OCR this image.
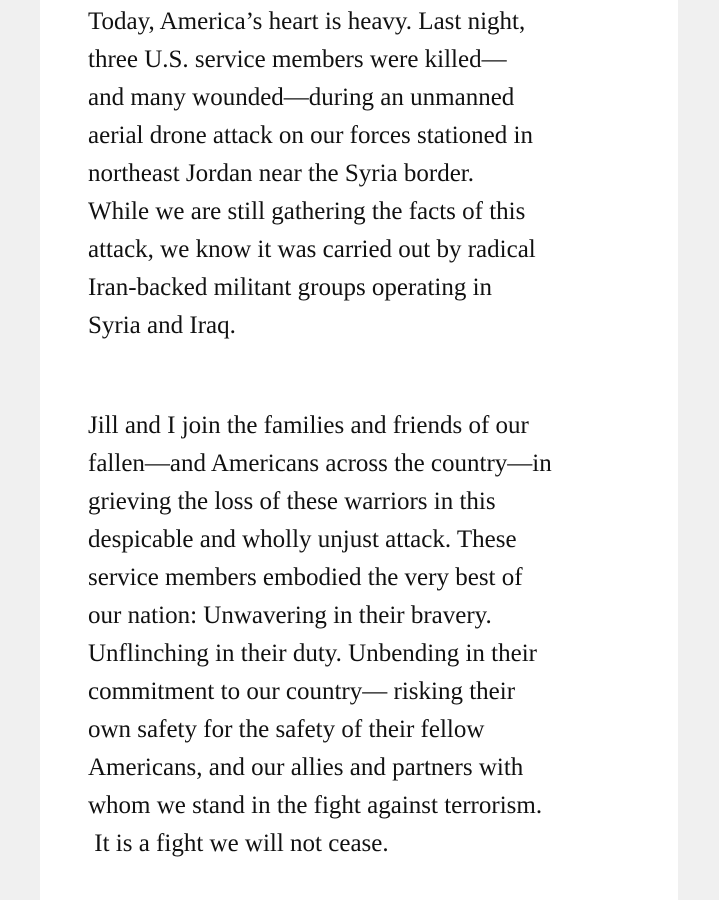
Today, America’s heart is heavy. Last night,

three U.S. service members were killed—

and many wounded—during an unmanned

aerial drone attack on our forces stationed in

northeast Jordan near the Syria border.

While we are still gathering the facts of this

attack, we know it was carried out by radical

Iran-backed militant groups operating in

Syria and Iraq.

Jill and I join the families and friends of our

fallen—and Americans across the country—in

grieving the loss of these warriors in this

despicable and wholly unjust attack. These

service members embodied the very best of

our nation: Unwavering in their bravery.

Unflinching in their duty. Unbending in their

commitment to our country— risking their

own safety for the safety of their fellow

Americans, and our allies and partners with

whom we stand in the fight against terrorism.

It is a fight we will not cease.
